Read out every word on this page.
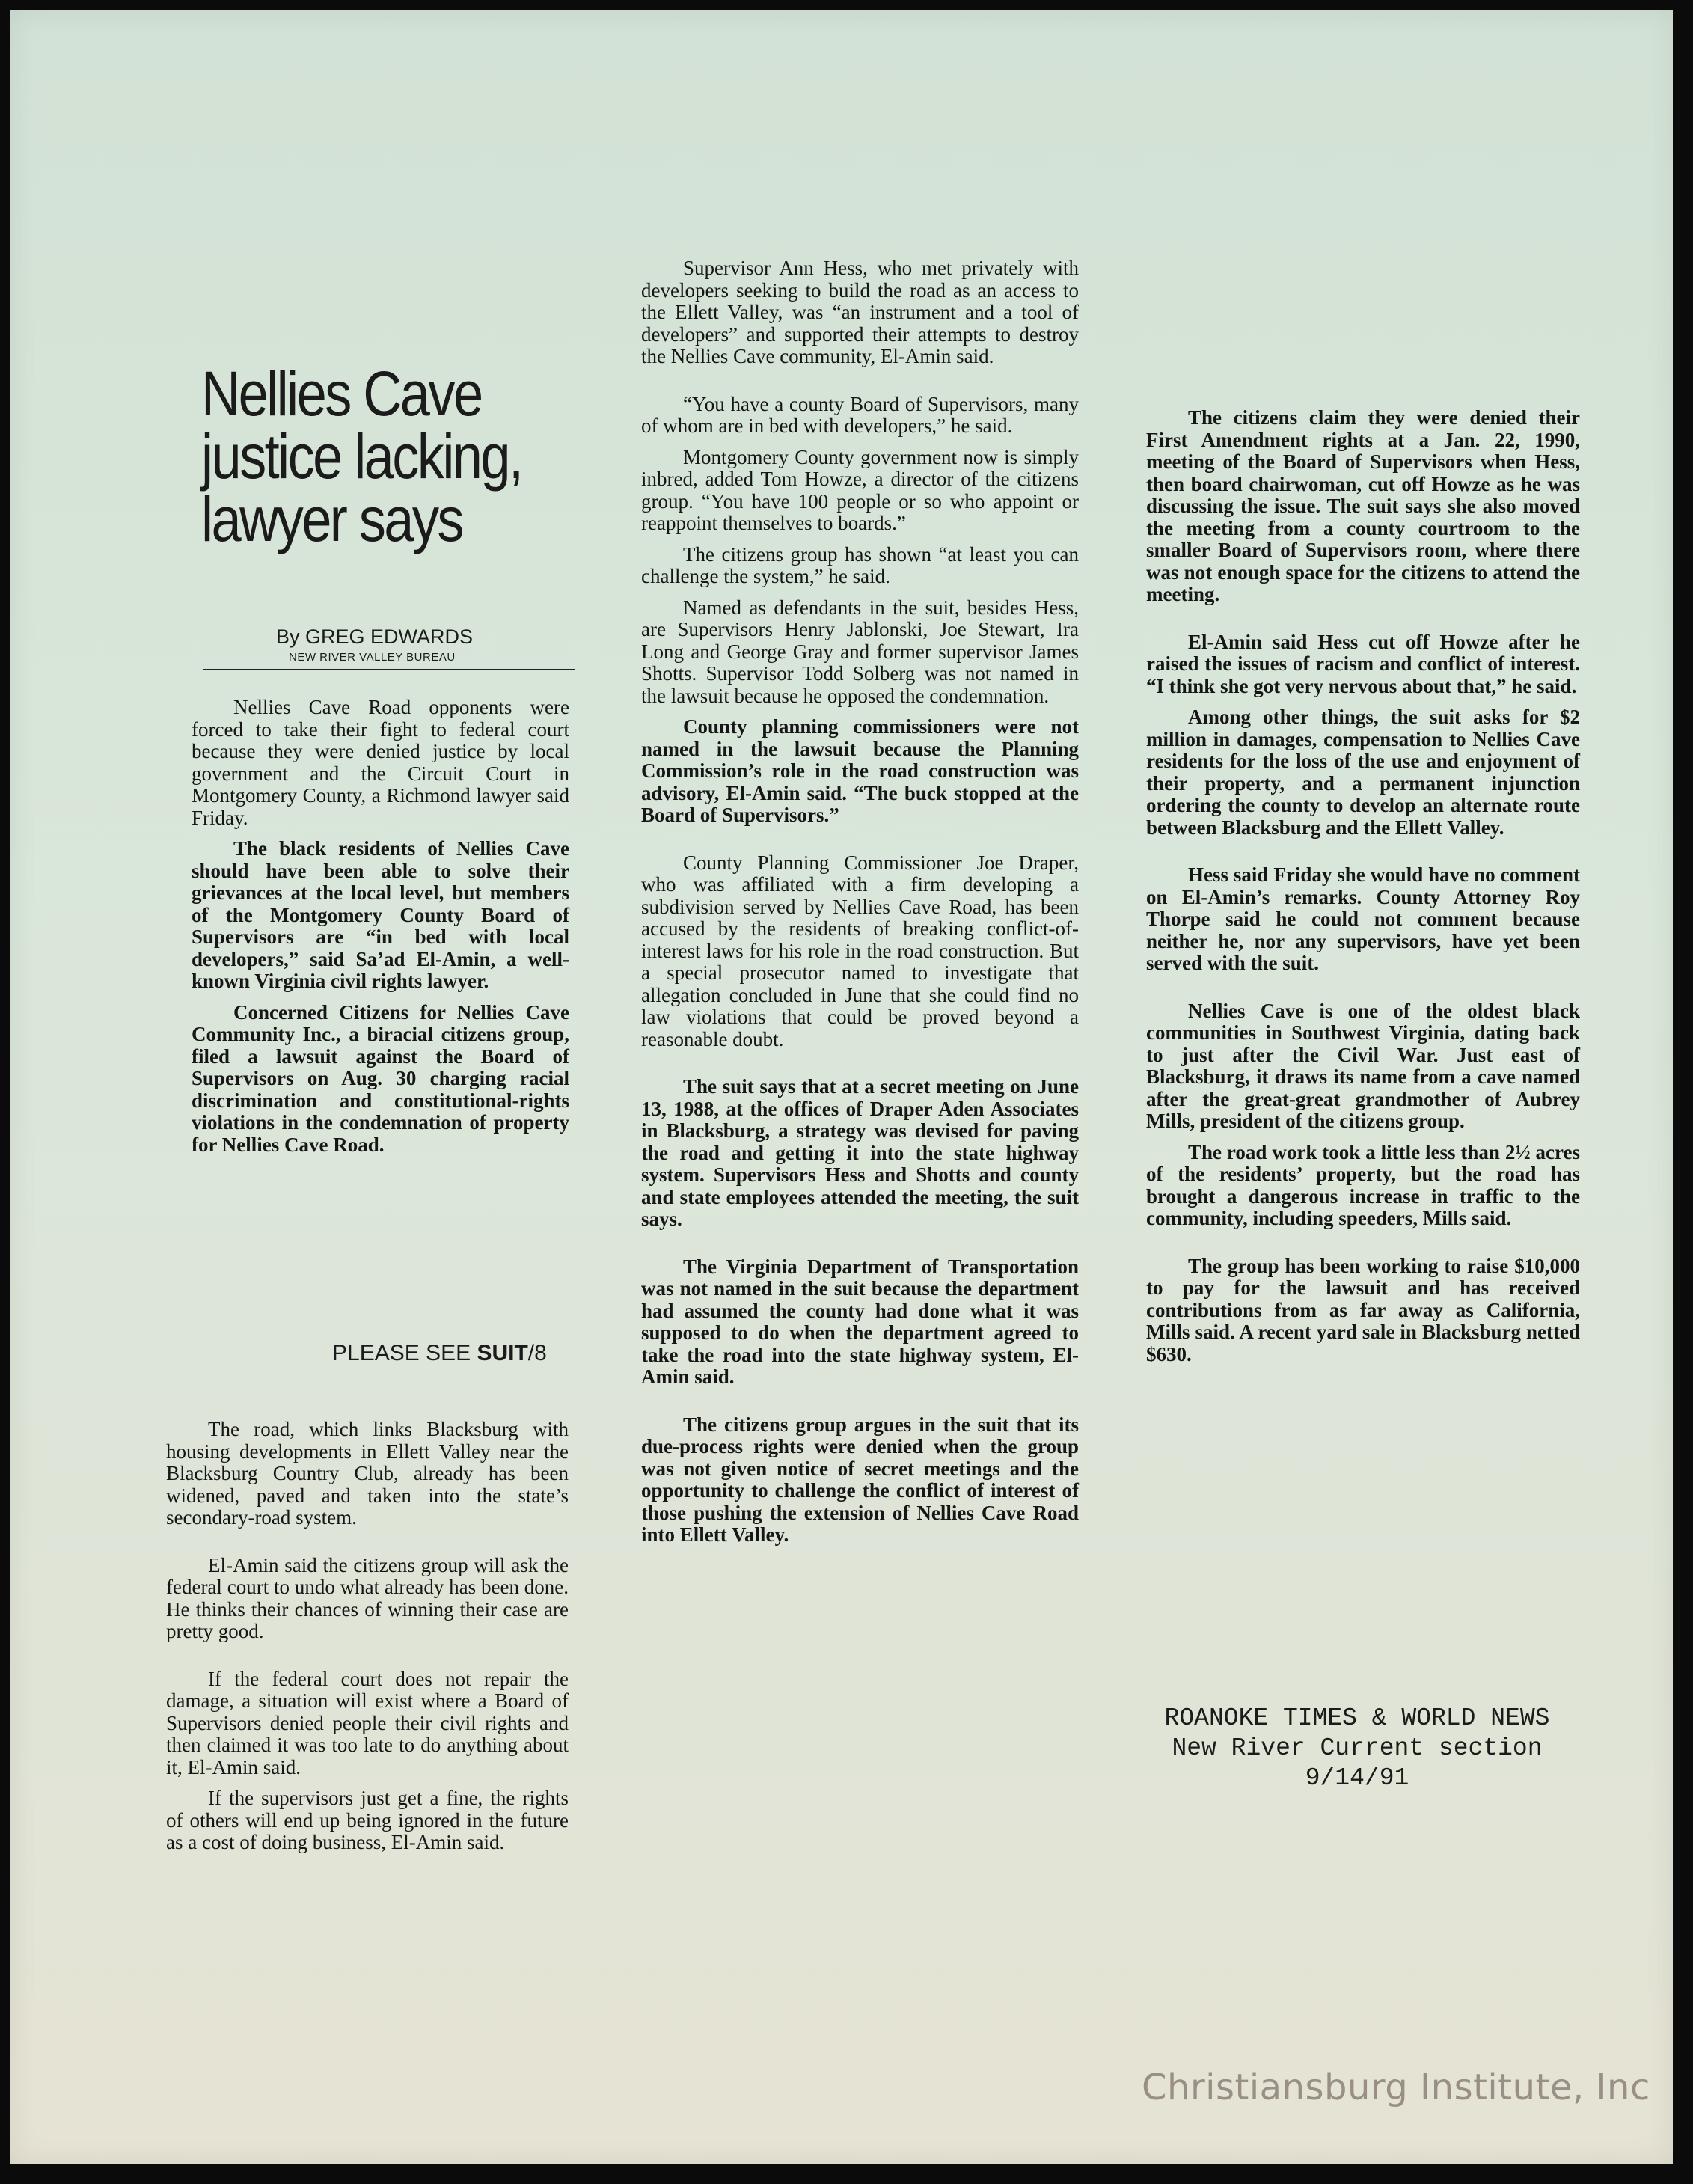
Nellies Cave
justice lacking,
lawyer says
By GREG EDWARDS
NEW RIVER VALLEY BUREAU

Nellies Cave Road opponents were forced to take their fight to federal court because they were denied justice by local government and the Circuit Court in Montgomery County, a Richmond lawyer said Friday.

The black residents of Nellies Cave should have been able to solve their grievances at the local level, but members of the Montgomery County Board of Supervisors are “in bed with local developers,” said Sa’ad El-Amin, a well-known Virginia civil rights lawyer.

Concerned Citizens for Nellies Cave Community Inc., a biracial citizens group, filed a lawsuit against the Board of Supervisors on Aug. 30 charging racial discrimination and constitutional-rights violations in the condemnation of property for Nellies Cave Road.

PLEASE SEE SUIT/8

The road, which links Blacksburg with housing developments in Ellett Valley near the Blacksburg Country Club, already has been widened, paved and taken into the state’s secondary-road system.

El-Amin said the citizens group will ask the federal court to undo what already has been done. He thinks their chances of winning their case are pretty good.

If the federal court does not repair the damage, a situation will exist where a Board of Supervisors denied people their civil rights and then claimed it was too late to do anything about it, El-Amin said.

If the supervisors just get a fine, the rights of others will end up being ignored in the future as a cost of doing business, El-Amin said.

Supervisor Ann Hess, who met privately with developers seeking to build the road as an access to the Ellett Valley, was “an instrument and a tool of developers” and supported their attempts to destroy the Nellies Cave community, El-Amin said.

“You have a county Board of Supervisors, many of whom are in bed with developers,” he said.

Montgomery County government now is simply inbred, added Tom Howze, a director of the citizens group. “You have 100 people or so who appoint or reappoint themselves to boards.”

The citizens group has shown “at least you can challenge the system,” he said.

Named as defendants in the suit, besides Hess, are Supervisors Henry Jablonski, Joe Stewart, Ira Long and George Gray and former supervisor James Shotts. Supervisor Todd Solberg was not named in the lawsuit because he opposed the condemnation.

County planning commissioners were not named in the lawsuit because the Planning Commission’s role in the road construction was advisory, El-Amin said. “The buck stopped at the Board of Supervisors.”

County Planning Commissioner Joe Draper, who was affiliated with a firm developing a subdivision served by Nellies Cave Road, has been accused by the residents of breaking conflict-of-interest laws for his role in the road construction. But a special prosecutor named to investigate that allegation concluded in June that she could find no law violations that could be proved beyond a reasonable doubt.

The suit says that at a secret meeting on June 13, 1988, at the offices of Draper Aden Associates in Blacksburg, a strategy was devised for paving the road and getting it into the state highway system. Supervisors Hess and Shotts and county and state employees attended the meeting, the suit says.

The Virginia Department of Transportation was not named in the suit because the department had assumed the county had done what it was supposed to do when the department agreed to take the road into the state highway system, El-Amin said.

The citizens group argues in the suit that its due-process rights were denied when the group was not given notice of secret meetings and the opportunity to challenge the conflict of interest of those pushing the extension of Nellies Cave Road into Ellett Valley.

The citizens claim they were denied their First Amendment rights at a Jan. 22, 1990, meeting of the Board of Supervisors when Hess, then board chairwoman, cut off Howze as he was discussing the issue. The suit says she also moved the meeting from a county courtroom to the smaller Board of Supervisors room, where there was not enough space for the citizens to attend the meeting.

El-Amin said Hess cut off Howze after he raised the issues of racism and conflict of interest. “I think she got very nervous about that,” he said.

Among other things, the suit asks for $2 million in damages, compensation to Nellies Cave residents for the loss of the use and enjoyment of their property, and a permanent injunction ordering the county to develop an alternate route between Blacksburg and the Ellett Valley.

Hess said Friday she would have no comment on El-Amin’s remarks. County Attorney Roy Thorpe said he could not comment because neither he, nor any supervisors, have yet been served with the suit.

Nellies Cave is one of the oldest black communities in Southwest Virginia, dating back to just after the Civil War. Just east of Blacksburg, it draws its name from a cave named after the great-great grandmother of Aubrey Mills, president of the citizens group.

The road work took a little less than 2½ acres of the residents’ property, but the road has brought a dangerous increase in traffic to the community, including speeders, Mills said.

The group has been working to raise $10,000 to pay for the lawsuit and has received contributions from as far away as California, Mills said. A recent yard sale in Blacksburg netted $630.

ROANOKE TIMES & WORLD NEWS
New River Current section
9/14/91
Christiansburg Institute, Inc
